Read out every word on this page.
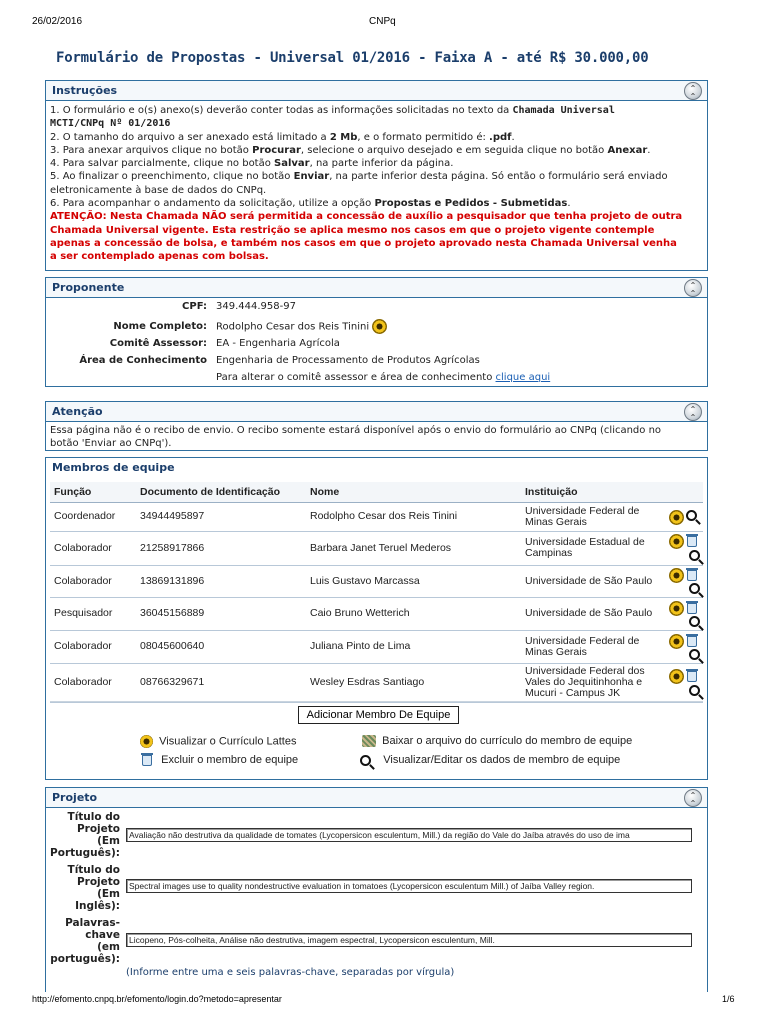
26/02/2016	CNPq
Formulário de Propostas - Universal 01/2016 - Faixa A - até R$ 30.000,00
Instruções	⌃
⌃
1. O formulário e o(s) anexo(s) deverão conter todas as informações solicitadas no texto da Chamada Universal
MCTI/CNPq Nº 01/2016
2. O tamanho do arquivo a ser anexado está limitado a 2 Mb, e o formato permitido é: .pdf.
3. Para anexar arquivos clique no botão Procurar, selecione o arquivo desejado e em seguida clique no botão Anexar.
4. Para salvar parcialmente, clique no botão Salvar, na parte inferior da página.
5. Ao finalizar o preenchimento, clique no botão Enviar, na parte inferior desta página. Só então o formulário será enviado
eletronicamente à base de dados do CNPq.
6. Para acompanhar o andamento da solicitação, utilize a opção Propostas e Pedidos - Submetidas.
ATENÇÃO: Nesta Chamada NÃO será permitida a concessão de auxílio a pesquisador que tenha projeto de outra
Chamada Universal vigente. Esta restrição se aplica mesmo nos casos em que o projeto vigente contemple
apenas a concessão de bolsa, e também nos casos em que o projeto aprovado nesta Chamada Universal venha
a ser contemplado apenas com bolsas.
Proponente	⌃
⌃
CPF: 349.444.958-97
Nome Completo: Rodolpho Cesar dos Reis Tinini
Comitê Assessor: EA - Engenharia Agrícola
Área de Conhecimento Engenharia de Processamento de Produtos Agrícolas
Para alterar o comitê assessor e área de conhecimento clique aqui
Atenção	⌃
⌃
Essa página não é o recibo de envio. O recibo somente estará disponível após o envio do formulário ao CNPq (clicando no
botão 'Enviar ao CNPq').
Membros de equipe
Função	Documento de Identificação	Nome	Instituição	
Coordenador	34944495897	Rodolpho Cesar dos Reis Tinini	Universidade Federal de
Minas Gerais	

Colaborador	21258917866	Barbara Janet Teruel Mederos	Universidade Estadual de
Campinas	

Colaborador	13869131896	Luis Gustavo Marcassa	Universidade de São Paulo	

Pesquisador	36045156889	Caio Bruno Wetterich	Universidade de São Paulo	

Colaborador	08045600640	Juliana Pinto de Lima	Universidade Federal de
Minas Gerais	

Colaborador	08766329671	Wesley Esdras Santiago	Universidade Federal dos
Vales do Jequitinhonha e
Mucuri - Campus JK	

Adicionar Membro De Equipe
Visualizar o Currículo Lattes	Baixar o arquivo do currículo do membro de equipe
Excluir o membro de equipe	Visualizar/Editar os dados de membro de equipe
Projeto	⌃
⌃
Título do
Projeto
(Em
Português):
Avaliação não destrutiva da qualidade de tomates (Lycopersicon esculentum, Mill.) da região do Vale do Jaíba através do uso de ima
Título do
Projeto
(Em
Inglês):
Spectral images use to quality nondestructive evaluation in tomatoes (Lycopersicon esculentum Mill.) of Jaíba Valley region.
Palavras-
chave
(em
português):
Licopeno, Pós-colheita, Análise não destrutiva, imagem espectral, Lycopersicon esculentum, Mill.
(Informe entre uma e seis palavras-chave, separadas por vírgula)
http://efomento.cnpq.br/efomento/login.do?metodo=apresentar	1/6
